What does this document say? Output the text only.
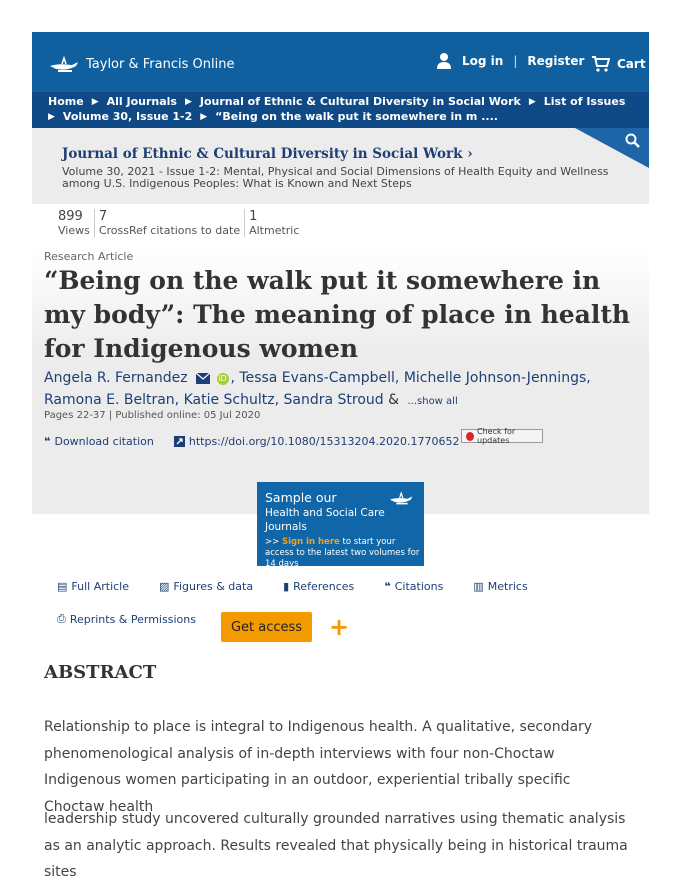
Taylor & Francis Online	Log in | Register	Cart
Home ▶ All Journals ▶ Journal of Ethnic & Cultural Diversity in Social Work ▶ List of Issues
▶ Volume 30, Issue 1-2 ▶ “Being on the walk put it somewhere in m ....
Journal of Ethnic & Cultural Diversity in Social Work ›
Volume 30, 2021 - Issue 1-2: Mental, Physical and Social Dimensions of Health Equity and Wellness among U.S. Indigenous Peoples: What is Known and Next Steps
899
Views
7
CrossRef citations to date
1
Altmetric
Research Article
“Being on the walk put it somewhere in my body”: The meaning of place in health for Indigenous women
Angela R. Fernandez	iD , Tessa Evans-Campbell, Michelle Johnson-Jennings,
Ramona E. Beltran, Katie Schultz, Sandra Stroud & ...show all
Pages 22-37 | Published online: 05 Jul 2020
❝ Download citation	https://doi.org/10.1080/15313204.2020.1770652
Check for updates
Sample our
Health and Social Care Journals
>> Sign in here to start your access to the latest two volumes for 14 days
▤ Full Article	▨ Figures & data	▮ References	❝ Citations	▥ Metrics
⎙ Reprints & Permissions
Get access	+
ABSTRACT
Relationship to place is integral to Indigenous health. A qualitative, secondary phenomenological analysis of in-depth interviews with four non-Choctaw Indigenous women participating in an outdoor, experiential tribally specific Choctaw health
leadership study uncovered culturally grounded narratives using thematic analysis as an analytic approach. Results revealed that physically being in historical trauma sites
